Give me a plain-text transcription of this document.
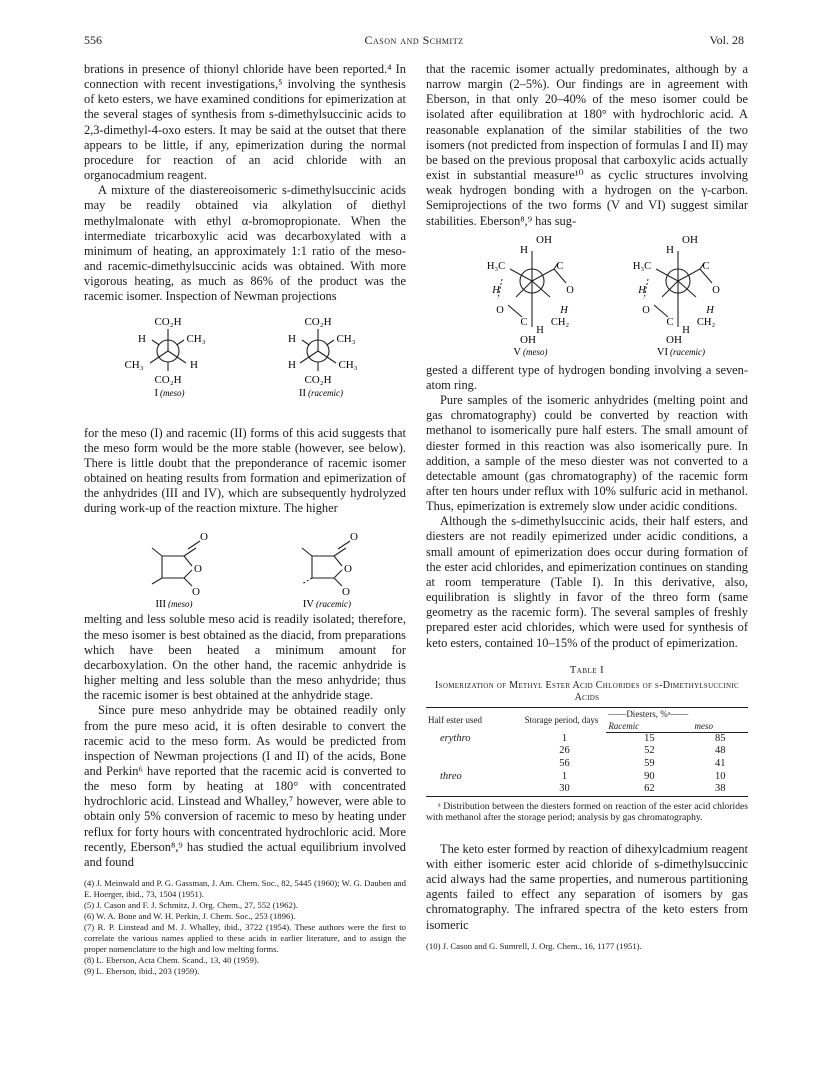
556	Cason and Schmitz	Vol. 28

brations in presence of thionyl chloride have been reported.⁴ In connection with recent investigations,⁵ involving the synthesis of keto esters, we have examined conditions for epimerization at the several stages of synthesis from s-dimethylsuccinic acids to 2,3-dimethyl-4-oxo esters. It may be said at the outset that there appears to be little, if any, epimerization during the normal procedure for reaction of an acid chloride with an organocadmium reagent.

A mixture of the diastereoisomeric s-dimethylsuccinic acids may be readily obtained via alkylation of diethyl methylmalonate with ethyl α-bromopropionate. When the intermediate tricarboxylic acid was decarboxylated with a minimum of heating, an approximately 1:1 ratio of the meso- and racemic-dimethylsuccinic acids was obtained. With more vigorous heating, as much as 86% of the product was the racemic isomer. Inspection of Newman projections

CO₂H
H	CH₃
CH₃	H
CO₂H
I (meso)
CO₂H
H	CH₃
H	CH₃
CO₂H
II (racemic)

for the meso (I) and racemic (II) forms of this acid suggests that the meso form would be the more stable (however, see below). There is little doubt that the preponderance of racemic isomer obtained on heating results from formation and epimerization of the anhydrides (III and IV), which are subsequently hydrolyzed during work-up of the reaction mixture. The higher

O
O
O
III (meso)
O
O
O
IV (racemic)

melting and less soluble meso acid is readily isolated; therefore, the meso isomer is best obtained as the diacid, from preparations which have been heated a minimum amount for decarboxylation. On the other hand, the racemic anhydride is higher melting and less soluble than the meso anhydride; thus the racemic isomer is best obtained at the anhydride stage.

Since pure meso anhydride may be obtained readily only from the pure meso acid, it is often desirable to convert the racemic acid to the meso form. As would be predicted from inspection of Newman projections (I and II) of the acids, Bone and Perkin⁶ have reported that the racemic acid is converted to the meso form by heating at 180° with concentrated hydrochloric acid. Linstead and Whalley,⁷ however, were able to obtain only 5% conversion of racemic to meso by heating under reflux for forty hours with concentrated hydrochloric acid. More recently, Eberson⁸,⁹ has studied the actual equilibrium involved and found

(4) J. Meinwald and P. G. Gassman, J. Am. Chem. Soc., 82, 5445 (1960); W. G. Dauben and E. Hoerger, ibid., 73, 1504 (1951).
(5) J. Cason and F. J. Schmitz, J. Org. Chem., 27, 552 (1962).
(6) W. A. Bone and W. H. Perkin, J. Chem. Soc., 253 (1896).
(7) R. P. Linstead and M. J. Whalley, ibid., 3722 (1954). These authors were the first to correlate the various names applied to these acids in earlier literature, and to assign the proper nomenclature to the high and low melting forms.
(8) L. Eberson, Acta Chem. Scand., 13, 40 (1959).
(9) L. Eberson, ibid., 203 (1959).

that the racemic isomer actually predominates, although by a narrow margin (2–5%). Our findings are in agreement with Eberson, in that only 20–40% of the meso isomer could be isolated after equilibration at 180° with hydrochloric acid. A reasonable explanation of the similar stabilities of the two isomers (not predicted from inspection of formulas I and II) may be based on the previous proposal that carboxylic acids actually exist in substantial measure¹⁰ as cyclic structures involving weak hydrogen bonding with a hydrogen on the γ-carbon. Semiprojections of the two forms (V and VI) suggest similar stabilities. Eberson⁸,⁹ has sug-

OH
H
H₃C	C
H	O
O	H
C CH₂
H
OH
V (meso)
OH
H
H₃C	C
H	O
O	H
C CH₂
H
OH
VI (racemic)

gested a different type of hydrogen bonding involving a seven-atom ring.

Pure samples of the isomeric anhydrides (melting point and gas chromatography) could be converted by reaction with methanol to isomerically pure half esters. The small amount of diester formed in this reaction was also isomerically pure. In addition, a sample of the meso diester was not converted to a detectable amount (gas chromatography) of the racemic form after ten hours under reflux with 10% sulfuric acid in methanol. Thus, epimerization is extremely slow under acidic conditions.

Although the s-dimethylsuccinic acids, their half esters, and diesters are not readily epimerized under acidic conditions, a small amount of epimerization does occur during formation of the ester acid chlorides, and epimerization continues on standing at room temperature (Table I). In this derivative, also, equilibration is slightly in favor of the threo form (same geometry as the racemic form). The several samples of freshly prepared ester acid chlorides, which were used for synthesis of keto esters, contained 10–15% of the product of epimerization.

Table I
Isomerization of Methyl Ester Acid Chlorides of s-Dimethylsuccinic Acids
Half ester used	Storage period, days	——Diesters, %ᵃ——	
		Racemic	meso
erythro	1	15	85
	26	52	48
	56	59	41
threo	1	90	10
	30	62	38
ᵃ Distribution between the diesters formed on reaction of the ester acid chlorides with methanol after the storage period; analysis by gas chromatography.

The keto ester formed by reaction of dihexylcadmium reagent with either isomeric ester acid chloride of s-dimethylsuccinic acid always had the same properties, and numerous partitioning agents failed to effect any separation of isomers by gas chromatography. The infrared spectra of the keto esters from isomeric

(10) J. Cason and G. Sumrell, J. Org. Chem., 16, 1177 (1951).
